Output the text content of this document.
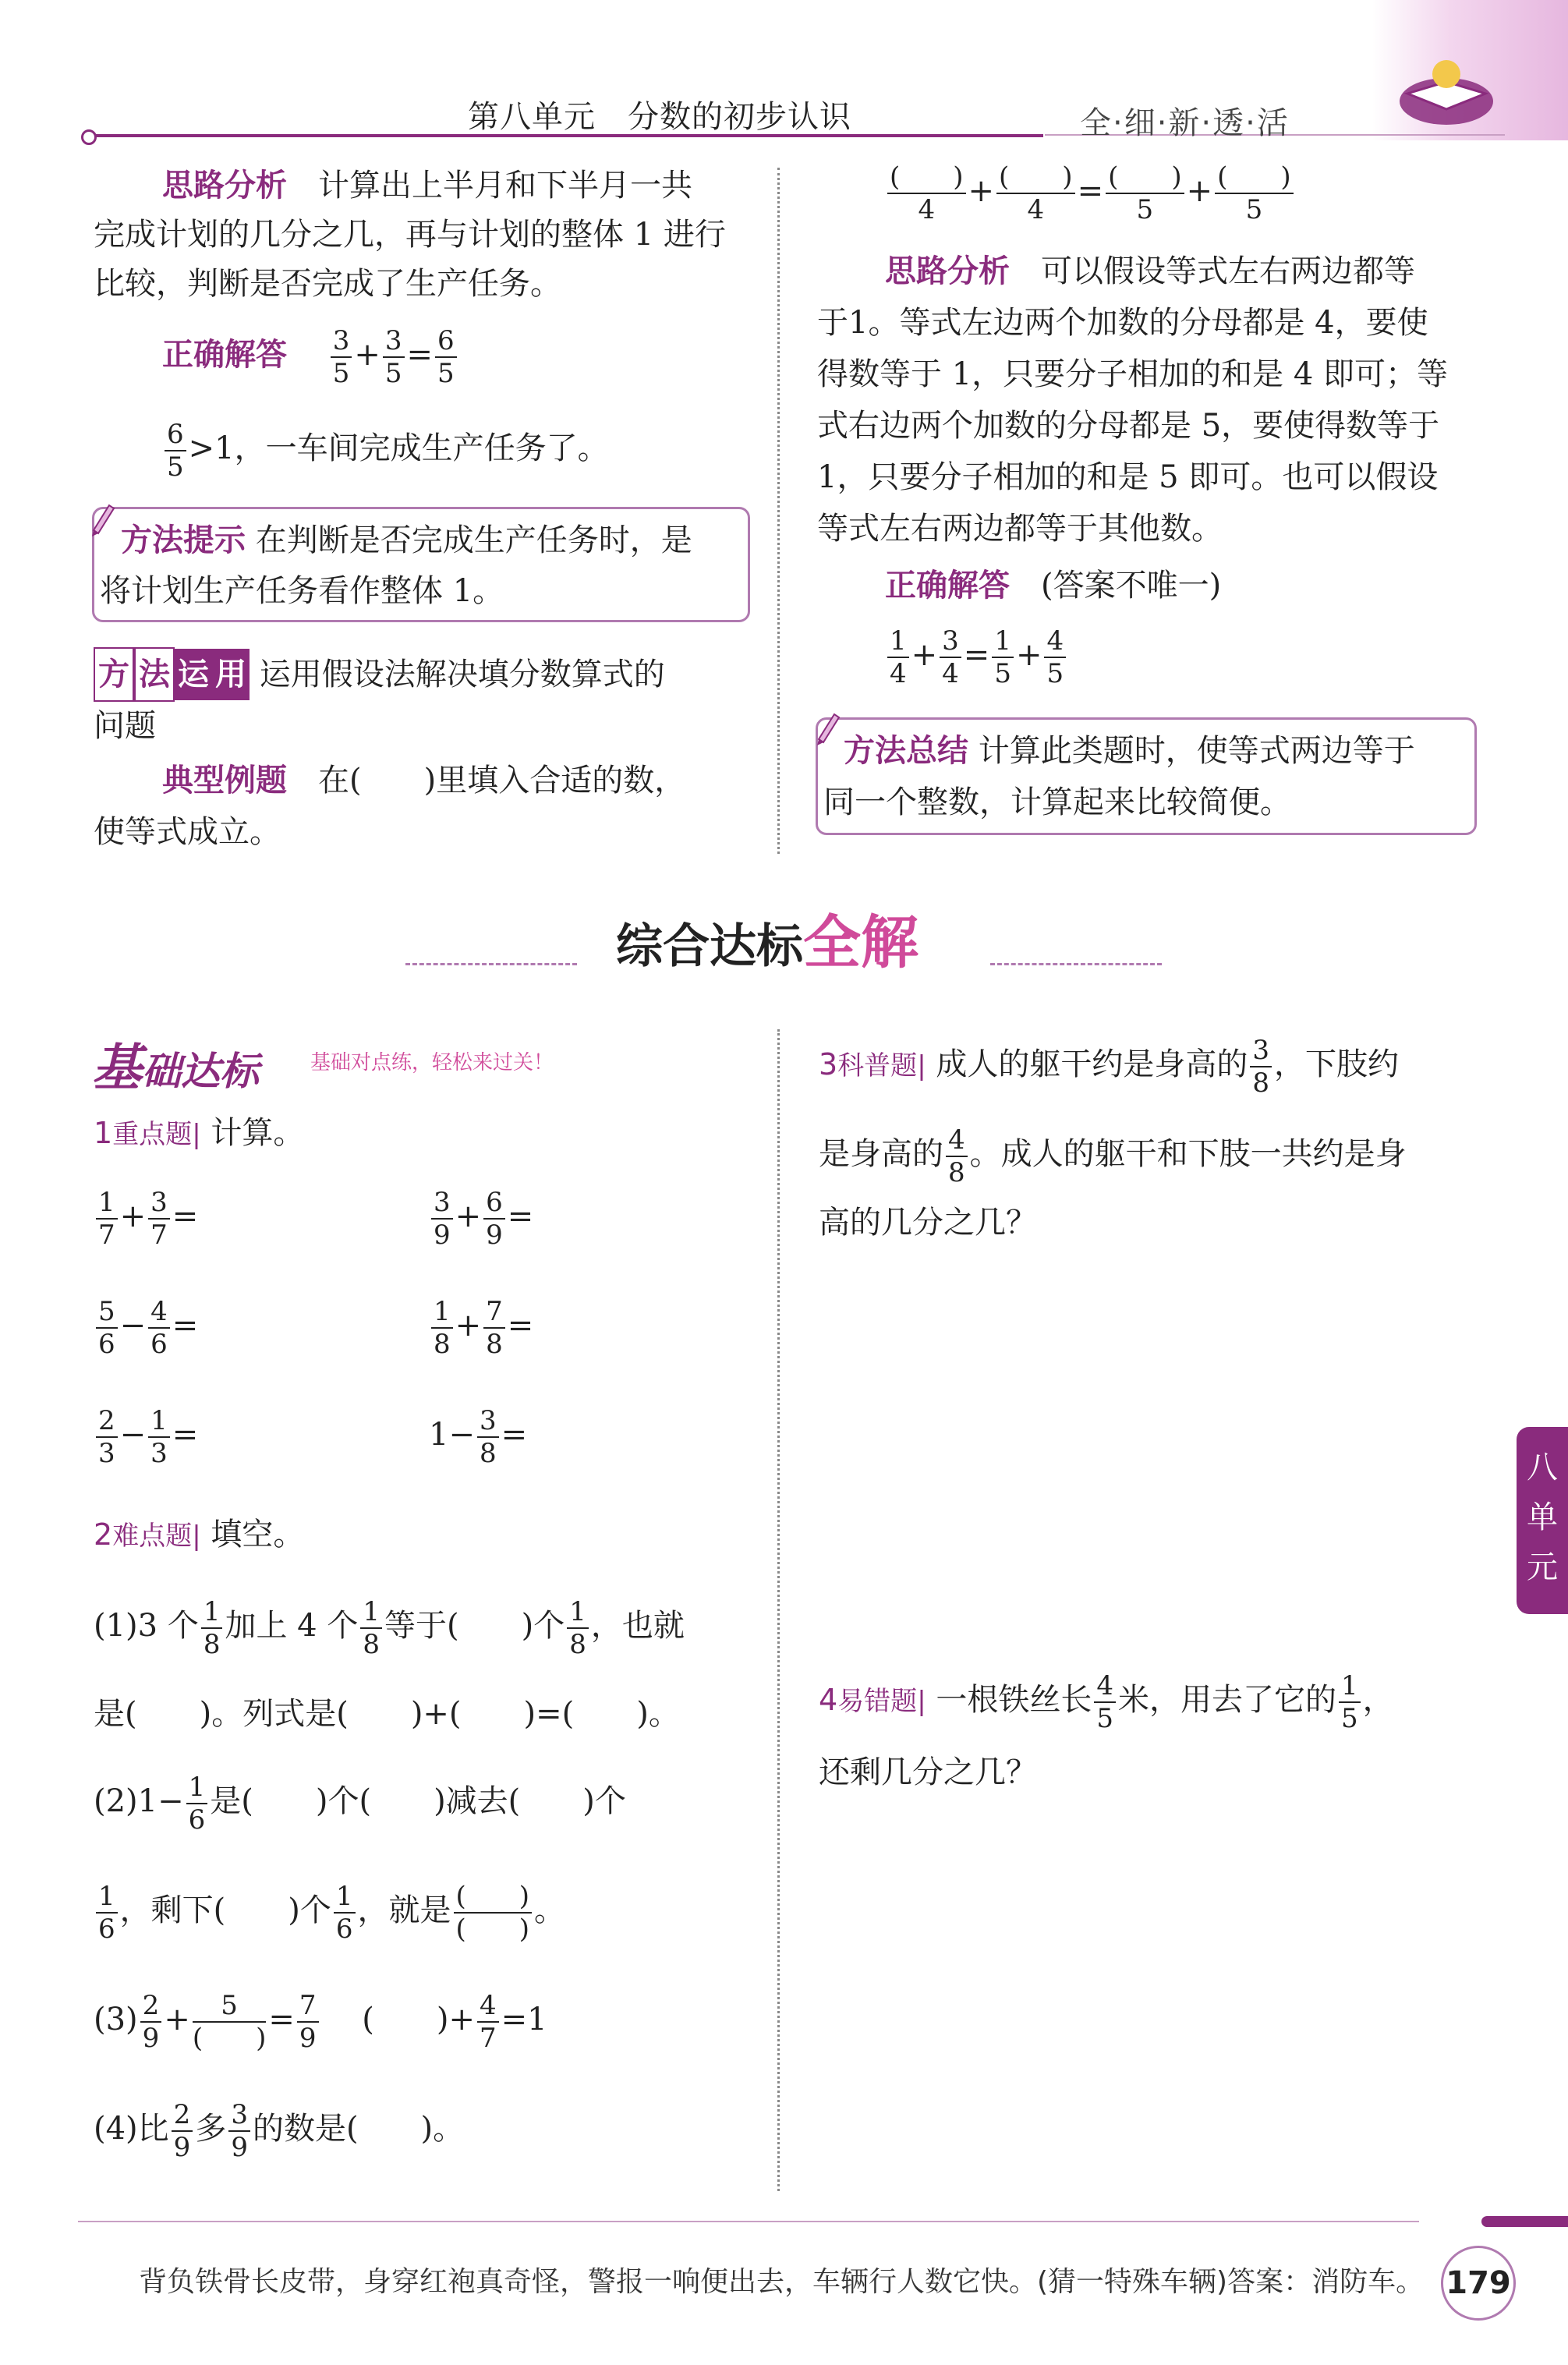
第八单元　分数的初步认识	全·细·新·透·活
思路分析　 计算出上半月和下半月一共
完成计划的几分之几，再与计划的整体 1 进行
比较，判断是否完成了生产任务。
正确解答　 $\frac{3}{5} + \frac{3}{5} = \frac{6}{5}$
$\frac{6}{5} >1$，一车间完成生产任务了。
方法提示 在判断是否完成生产任务时，是
将计划生产任务看作整体 1。
方 法 运 用 运用假设法解决填分数算式的
问题
典型例题　 在(　　)里填入合适的数，
使等式成立。
$\frac{( )}{4} + \frac{( )}{4} = \frac{( )}{5} + \frac{( )}{5}$
思路分析　 可以假设等式左右两边都等
于1。等式左边两个加数的分母都是 4，要使
得数等于 1，只要分子相加的和是 4 即可；等
式右边两个加数的分母都是 5，要使得数等于
1，只要分子相加的和是 5 即可。也可以假设
等式左右两边都等于其他数。
正确解答　 (答案不唯一)
$\frac{1}{4} + \frac{3}{4} = \frac{1}{5} + \frac{4}{5}$
方法总结 计算此类题时，使等式两边等于
同一个整数，计算起来比较简便。
综合达标全解
基础达标	基础对点练，轻松来过关！
1重点题| 计算。
$\frac{1}{7} + \frac{3}{7}$ =	$\frac{3}{9} + \frac{6}{9}$ =
$\frac{5}{6} - \frac{4}{6}$ =	$\frac{1}{8} + \frac{7}{8}$ =
$\frac{2}{3} - \frac{1}{3}$ =	$1- \frac{3}{8}$ =
2难点题| 填空。
(1)3 个 $\frac{1}{8}$ 加上 4 个 $\frac{1}{8}$ 等于(　　)个 $\frac{1}{8}$ ，也就
是(　　)。列式是(　　)+(　　)=(　　)。
$(2)1- \frac{1}{6}$ 是(　　)个(　　)减去(　　)个
$\frac{1}{6}$ ，剩下(　　)个 $\frac{1}{6}$ ，就是 $\frac{( )}{( )}$ 。
$(3) \frac{2}{9} + \frac{5}{( )} = \frac{7}{9}$
　 (　　)+ $\frac{4}{7} =1$
(4)比 $\frac{2}{9}$ 多 $\frac{3}{9}$ 的数是(　　)。
3科普题| 成人的躯干约是身高的 $\frac{3}{8}$ ，下肢约
是身高的 $\frac{4}{8}$ 。成人的躯干和下肢一共约是身
高的几分之几？
4易错题| 一根铁丝长 $\frac{4}{5}$ 米，用去了它的 $\frac{1}{5}$ ，
还剩几分之几？
八
单
元
背负铁骨长皮带，身穿红袍真奇怪，警报一响便出去，车辆行人数它快。(猜一特殊车辆)答案：消防车。 179
